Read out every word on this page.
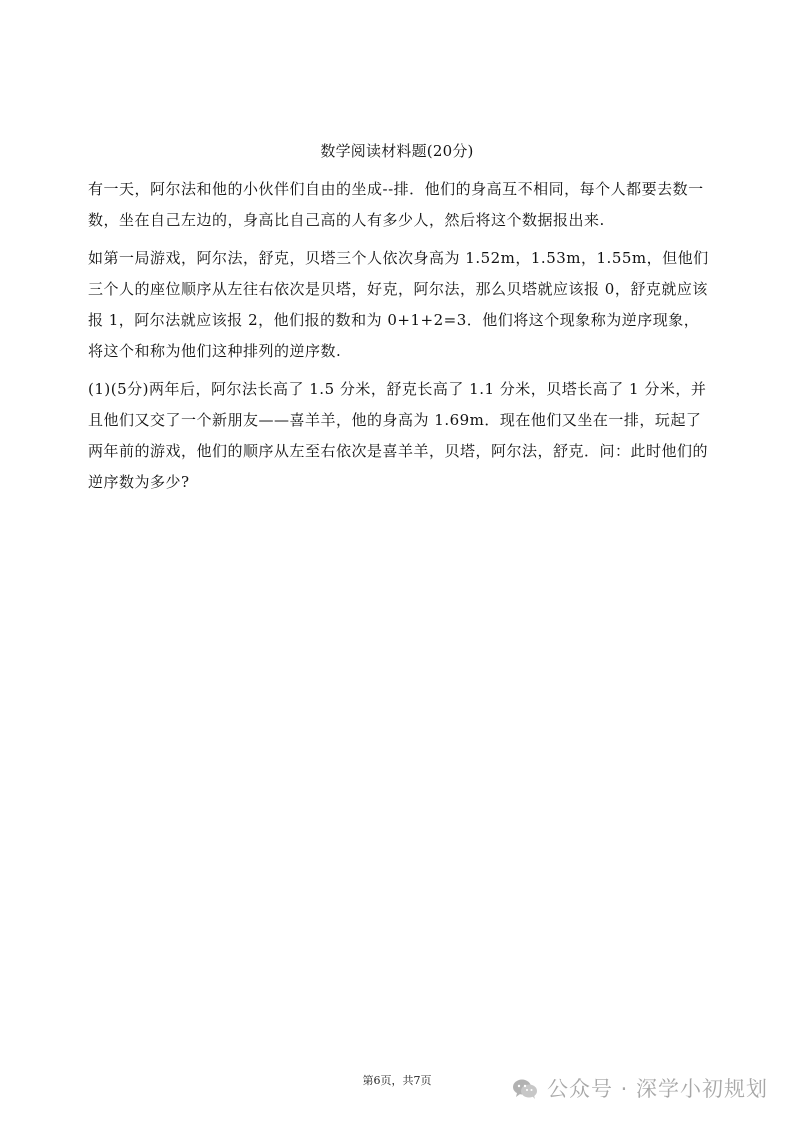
数学阅读材料题(20分)

有一天，阿尔法和他的小伙伴们自由的坐成--排．他们的身高互不相同，每个人都要去数一数，坐在自己左边的，身高比自己高的人有多少人，然后将这个数据报出来.

如第一局游戏，阿尔法，舒克，贝塔三个人依次身高为 1.52m，1.53m，1.55m，但他们三个人的座位顺序从左往右依次是贝塔，好克，阿尔法，那么贝塔就应该报 0，舒克就应该报 1，阿尔法就应该报 2，他们报的数和为 0+1+2=3．他们将这个现象称为逆序现象，将这个和称为他们这种排列的逆序数.

(1)(5分)两年后，阿尔法长高了 1.5 分米，舒克长高了 1.1 分米，贝塔长高了 1 分米，并且他们又交了一个新朋友——喜羊羊，他的身高为 1.69m．现在他们又坐在一排，玩起了两年前的游戏，他们的顺序从左至右依次是喜羊羊，贝塔，阿尔法，舒克．问：此时他们的逆序数为多少?

第6页，共7页	公众号 · 深学小初规划
